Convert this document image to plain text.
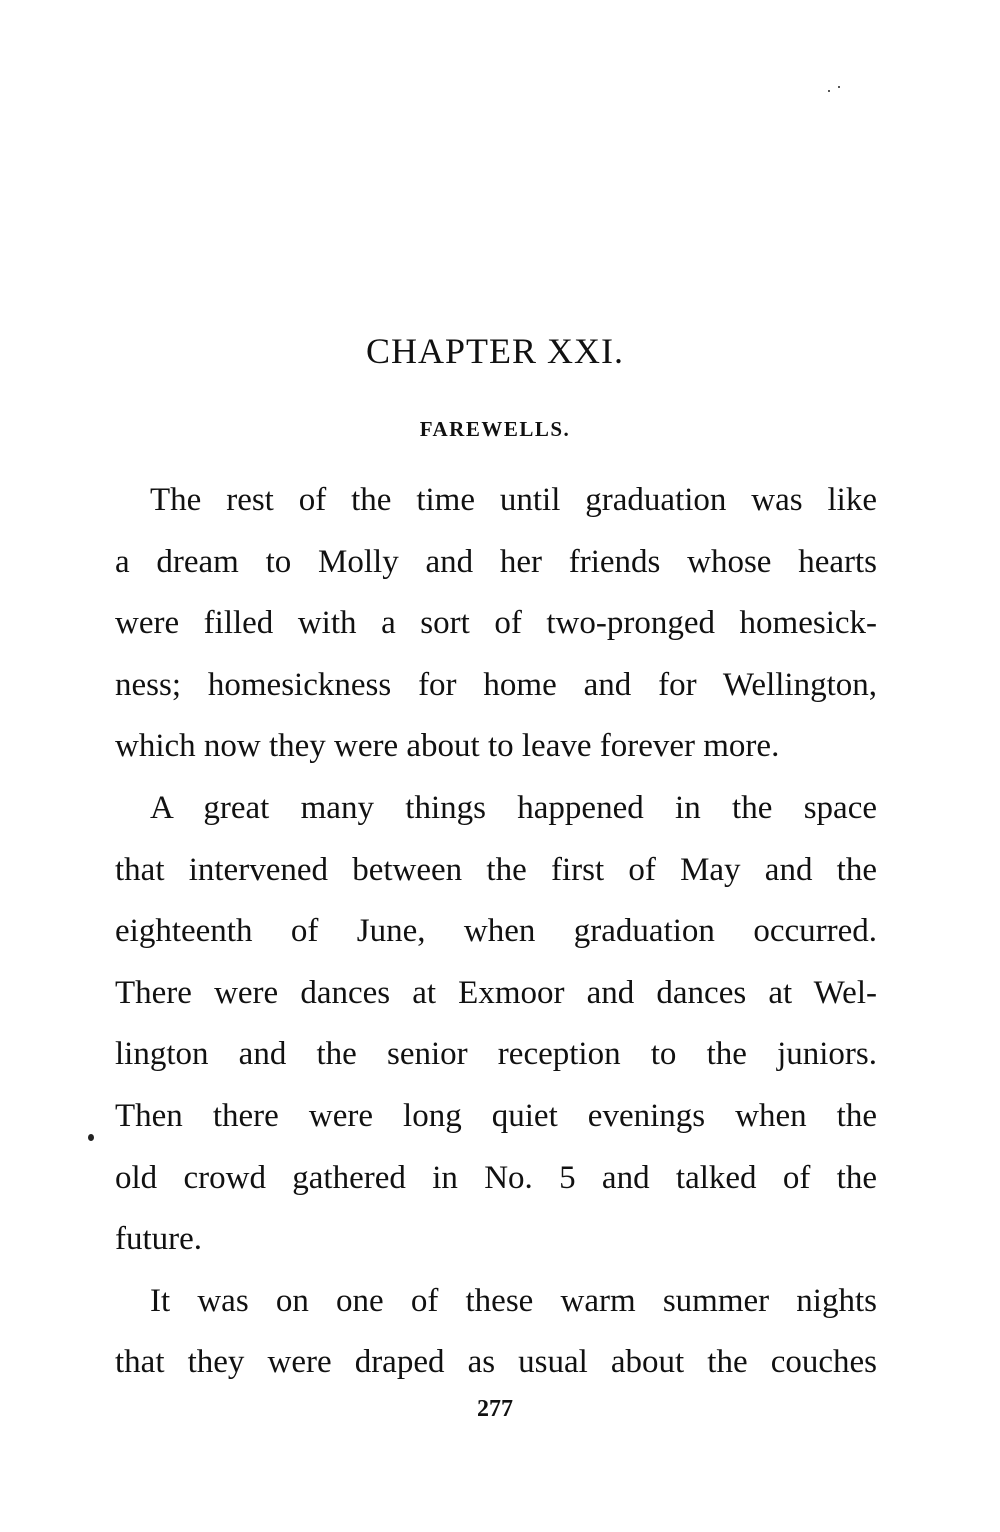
CHAPTER XXI.
FAREWELLS.
The rest of the time until graduation was like
a dream to Molly and her friends whose hearts
were filled with a sort of two-pronged homesick-
ness; homesickness for home and for Wellington,
which now they were about to leave forever more.
A great many things happened in the space
that intervened between the first of May and the
eighteenth of June, when graduation occurred.
There were dances at Exmoor and dances at Wel-
lington and the senior reception to the juniors.
Then there were long quiet evenings when the
old crowd gathered in No. 5 and talked of the
future.
It was on one of these warm summer nights
that they were draped as usual about the couches

277
